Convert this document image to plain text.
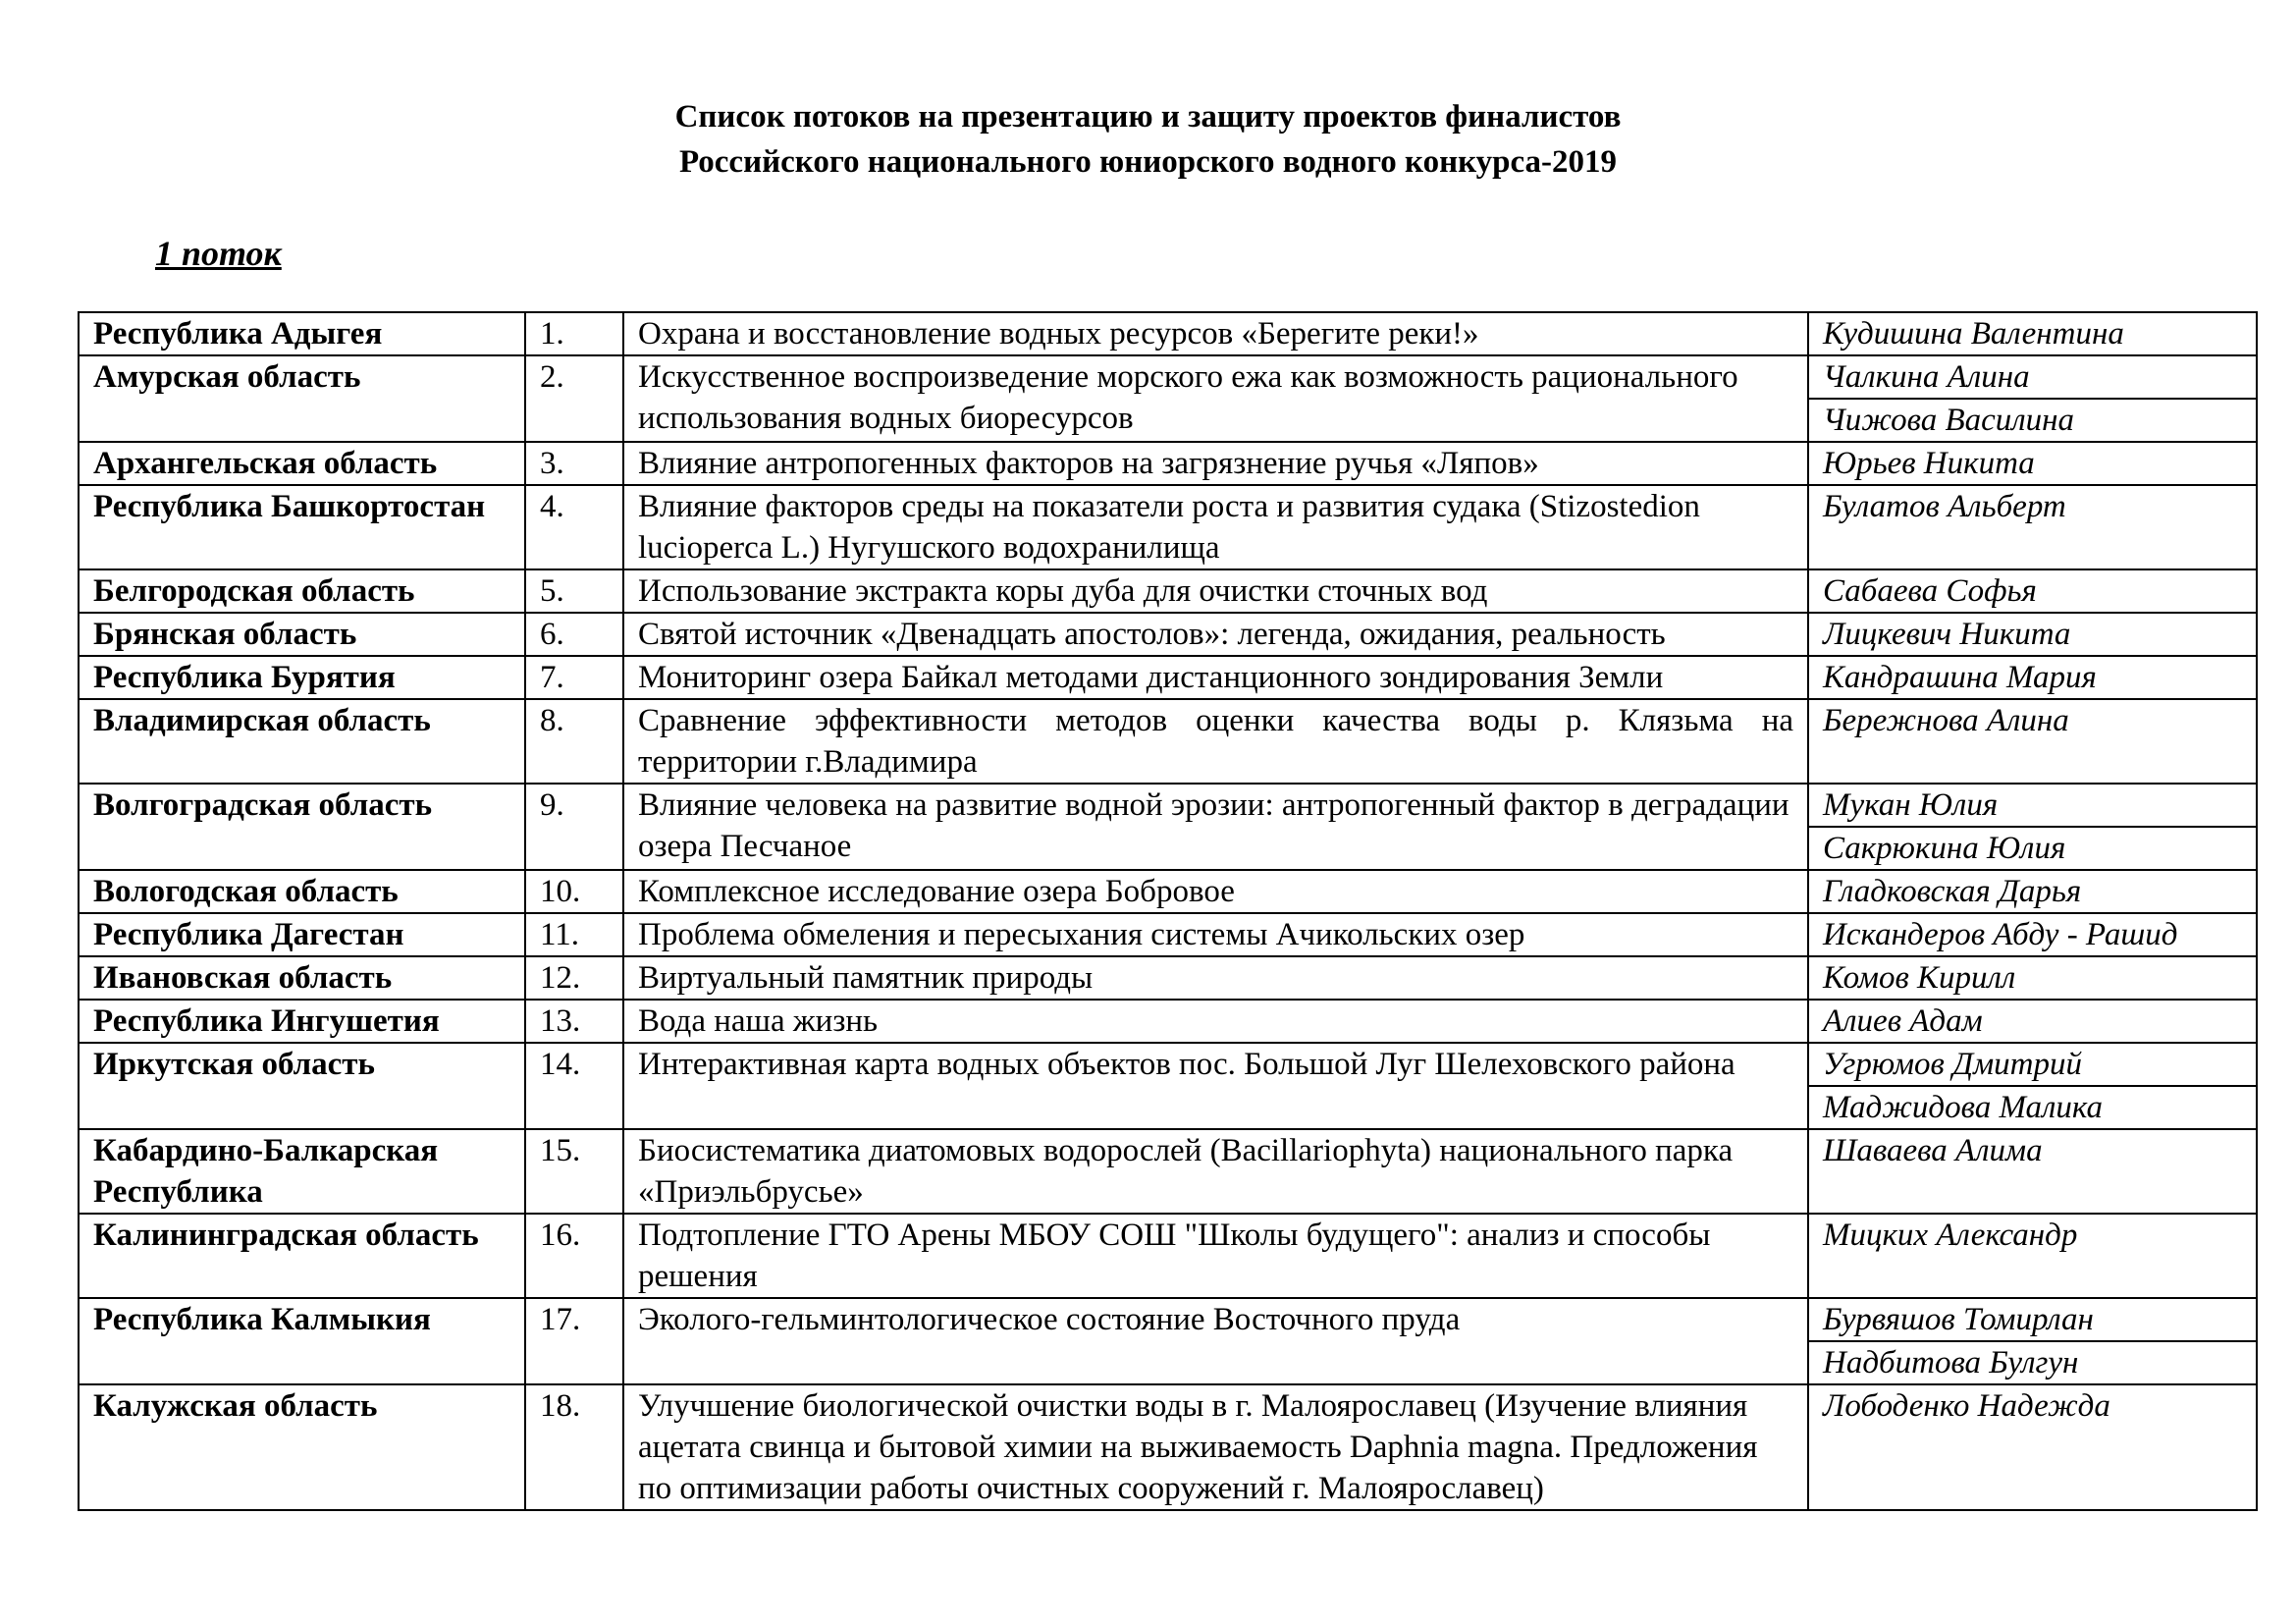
Список потоков на презентацию и защиту проектов финалистов
Российского национального юниорского водного конкурса-2019
1 поток
Республика Адыгея	1.	Охрана и восстановление водных ресурсов «Берегите реки!»	Кудишина Валентина
Амурская область	2.	Искусственное воспроизведение морского ежа как возможность рационального использования водных биоресурсов	Чалкина Алина
			Чижова Василина
Архангельская область	3.	Влияние антропогенных факторов на загрязнение ручья «Ляпов»	Юрьев Никита
Республика Башкортостан	4.	Влияние факторов среды на показатели роста и развития судака (Stizostedion lucioperca L.) Нугушского водохранилища	Булатов Альберт
Белгородская область	5.	Использование экстракта коры дуба для очистки сточных вод	Сабаева Софья
Брянская область	6.	Святой источник «Двенадцать апостолов»: легенда, ожидания, реальность	Лицкевич Никита
Республика Бурятия	7.	Мониторинг озера Байкал методами дистанционного зондирования Земли	Кандрашина Мария
Владимирская область	8.	Сравнение эффективности методов оценки качества воды р. Клязьма на территории г.Владимира	Бережнова Алина
Волгоградская область	9.	Влияние человека на развитие водной эрозии: антропогенный фактор в деградации озера Песчаное	Мукан Юлия
			Сакрюкина Юлия
Вологодская область	10.	Комплексное исследование озера Бобровое	Гладковская Дарья
Республика Дагестан	11.	Проблема обмеления и пересыхания системы Ачикольских озер	Искандеров Абду - Рашид
Ивановская область	12.	Виртуальный памятник природы	Комов Кирилл
Республика Ингушетия	13.	Вода наша жизнь	Алиев Адам
Иркутская область	14.	Интерактивная карта водных объектов пос. Большой Луг Шелеховского района	Угрюмов Дмитрий
			Маджидова Малика
Кабардино-Балкарская Республика	15.	Биосистематика диатомовых водорослей (Bacillariophyta) национального парка «Приэльбрусье»	Шаваева Алима
Калининградская область	16.	Подтопление ГТО Арены МБОУ СОШ "Школы будущего": анализ и способы решения	Мицких Александр
Республика Калмыкия	17.	Эколого-гельминтологическое состояние Восточного пруда	Бурвяшов Томирлан
			Надбитова Булгун
Калужская область	18.	Улучшение биологической очистки воды в г. Малоярославец (Изучение влияния ацетата свинца и бытовой химии на выживаемость Daphnia magna. Предложения по оптимизации работы очистных сооружений г. Малоярославец)	Лободенко Надежда
